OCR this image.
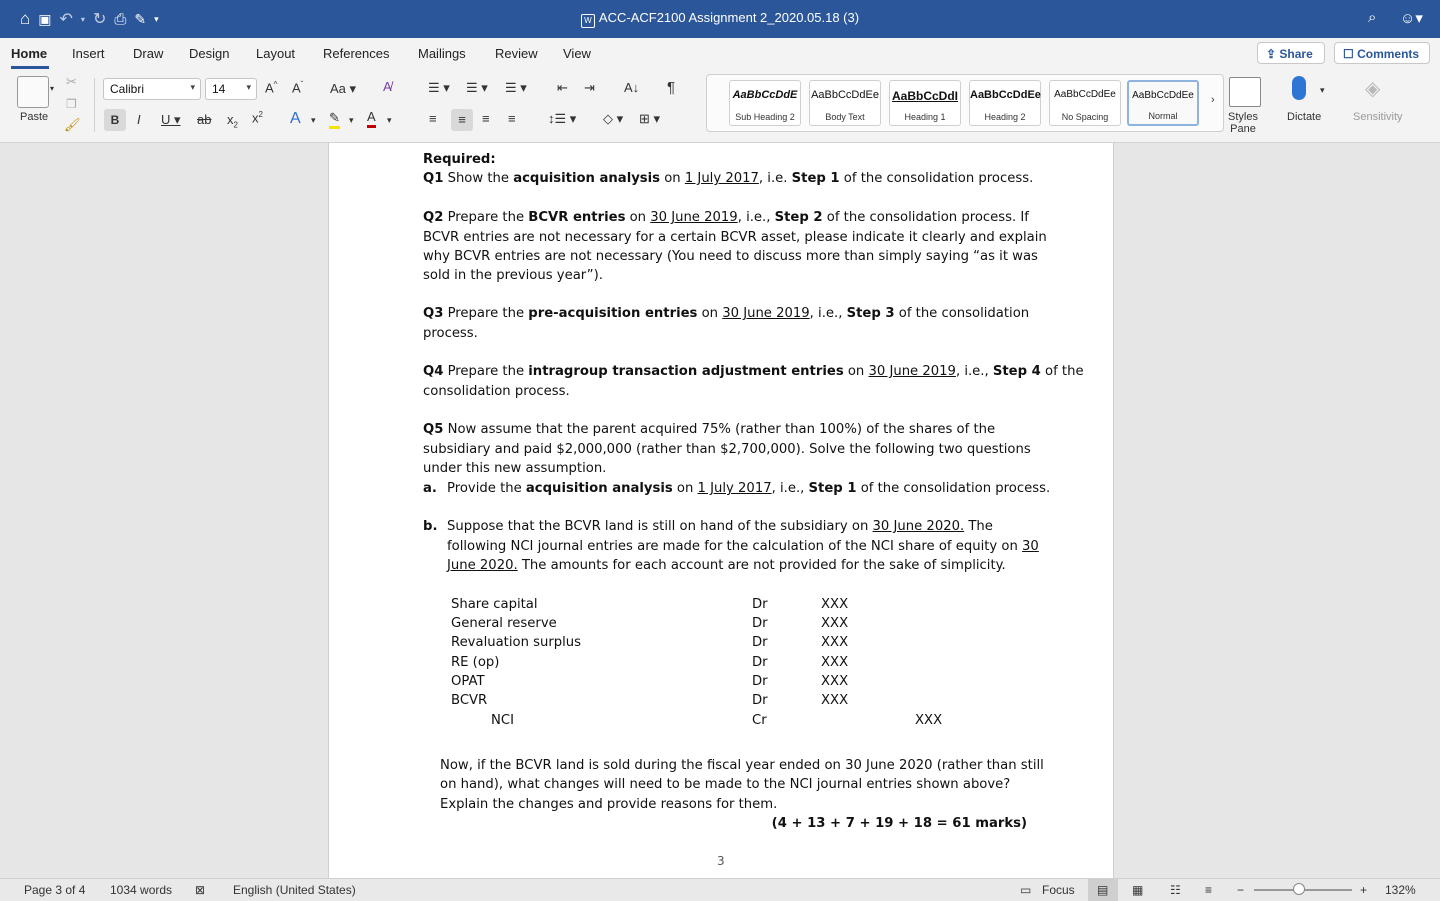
⌂ ▣ ↶ ▾ ↻ ⎙ ✎ ▾	W ACC-ACF2100 Assignment 2_2020.05.18 (3)	⌕ ☺▾
Home Insert Draw Design Layout References Mailings Review View	⇪ Share	☐ Comments
▾
Paste
✂
❐
🖌
Calibri	▾	14 ▾ A^ $A^ˇ$ Aa ▾ A̸
B	I U ▾ ab $x_2$ $x^2$ A ▾ ✎ ▾ A ▾
☰ ▾ ☰ ▾ ☰ ▾ ⇤ ⇥ A↓ ¶
≡	≡	≡ ≡ ↕☰ ▾ ◇ ▾ ⊞ ▾
AaBbCcDdE
Sub Heading 2
AaBbCcDdEe
Body Text
AaBbCcDdI
Heading 1
AaBbCcDdEe
Heading 2
AaBbCcDdEe
No Spacing
AaBbCcDdEe
Normal
›
Styles Pane
▾
Dictate
◈
Sensitivity
Required:
Q1 Show the acquisition analysis on 1 July 2017, i.e. Step 1 of the consolidation process.
Q2 Prepare the BCVR entries on 30 June 2019, i.e., Step 2 of the consolidation process. If
BCVR entries are not necessary for a certain BCVR asset, please indicate it clearly and explain
why BCVR entries are not necessary (You need to discuss more than simply saying “as it was
sold in the previous year”).
Q3 Prepare the pre-acquisition entries on 30 June 2019, i.e., Step 3 of the consolidation
process.
Q4 Prepare the intragroup transaction adjustment entries on 30 June 2019, i.e., Step 4 of the
consolidation process.
Q5 Now assume that the parent acquired 75% (rather than 100%) of the shares of the
subsidiary and paid $2,000,000 (rather than $2,700,000). Solve the following two questions
under this new assumption.
a. Provide the acquisition analysis on 1 July 2017, i.e., Step 1 of the consolidation process.
b. Suppose that the BCVR land is still on hand of the subsidiary on 30 June 2020. The
following NCI journal entries are made for the calculation of the NCI share of equity on 30
June 2020. The amounts for each account are not provided for the sake of simplicity.
Share capital	Dr	XXX
General reserve	Dr	XXX
Revaluation surplus	Dr	XXX
RE (op)	Dr	XXX
OPAT	Dr	XXX
BCVR	Dr	XXX
NCI	Cr	XXX
Now, if the BCVR land is sold during the fiscal year ended on 30 June 2020 (rather than still
on hand), what changes will need to be made to the NCI journal entries shown above?
Explain the changes and provide reasons for them.
(4 + 13 + 7 + 19 + 18 = 61 marks)
3
Page 3 of 4 1034 words ⊠ English (United States)	▭ Focus ▤ ▦ ☷ ≡ −	+ 132%
